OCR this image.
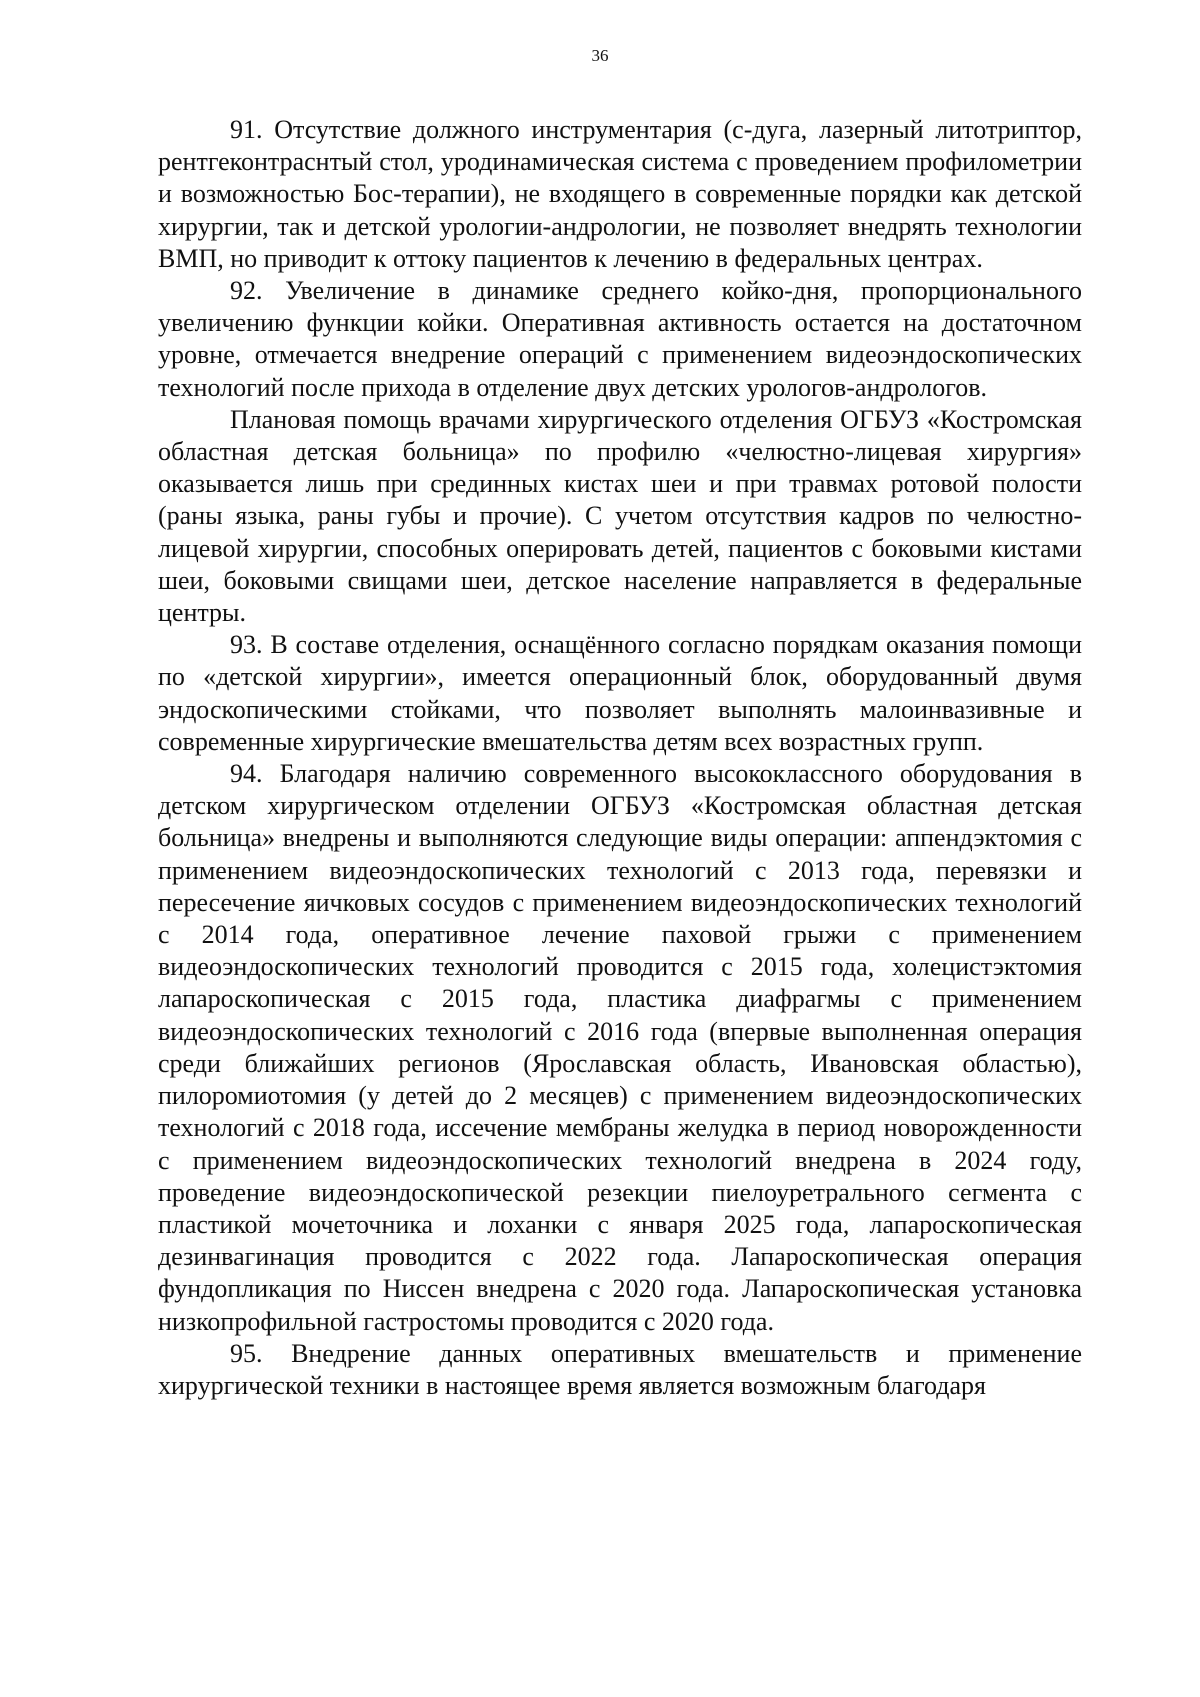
36

91. Отсутствие должного инструментария (с-дуга, лазерный литотриптор, рентгеконтраснтый стол, уродинамическая система с проведением профилометрии и возможностью Бос-терапии), не входящего в современные порядки как детской хирургии, так и детской урологии-андрологии, не позволяет внедрять технологии ВМП, но приводит к оттоку пациентов к лечению в федеральных центрах.

92. Увеличение в динамике среднего койко-дня, пропорционального увеличению функции койки. Оперативная активность остается на достаточном уровне, отмечается внедрение операций с применением видеоэндоскопических технологий после прихода в отделение двух детских урологов-андрологов.

Плановая помощь врачами хирургического отделения ОГБУЗ «Костромская областная детская больница» по профилю «челюстно-лицевая хирургия» оказывается лишь при срединных кистах шеи и при травмах ротовой полости (раны языка, раны губы и прочие). С учетом отсутствия кадров по челюстно-лицевой хирургии, способных оперировать детей, пациентов с боковыми кистами шеи, боковыми свищами шеи, детское население направляется в федеральные центры.

93. В составе отделения, оснащённого согласно порядкам оказания помощи по «детской хирургии», имеется операционный блок, оборудованный двумя эндоскопическими стойками, что позволяет выполнять малоинвазивные и современные хирургические вмешательства детям всех возрастных групп.

94. Благодаря наличию современного высококлассного оборудования в детском хирургическом отделении ОГБУЗ «Костромская областная детская больница» внедрены и выполняются следующие виды операции: аппендэктомия с применением видеоэндоскопических технологий с 2013 года, перевязки и пересечение яичковых сосудов с применением видеоэндоскопических технологий с 2014 года, оперативное лечение паховой грыжи с применением видеоэндоскопических технологий проводится с 2015 года, холецистэктомия лапароскопическая с 2015 года, пластика диафрагмы с применением видеоэндоскопических технологий с 2016 года (впервые выполненная операция среди ближайших регионов (Ярославская область, Ивановская областью), пилоромиотомия (у детей до 2 месяцев) с применением видеоэндоскопических технологий с 2018 года, иссечение мембраны желудка в период новорожденности с применением видеоэндоскопических технологий внедрена в 2024 году, проведение видеоэндоскопической резекции пиелоуретрального сегмента с пластикой мочеточника и лоханки с января 2025 года, лапароскопическая дезинвагинация проводится с 2022 года. Лапароскопическая операция фундопликация по Ниссен внедрена с 2020 года. Лапароскопическая установка низкопрофильной гастростомы проводится с 2020 года.

95. Внедрение данных оперативных вмешательств и применение хирургической техники в настоящее время является возможным благодаря
